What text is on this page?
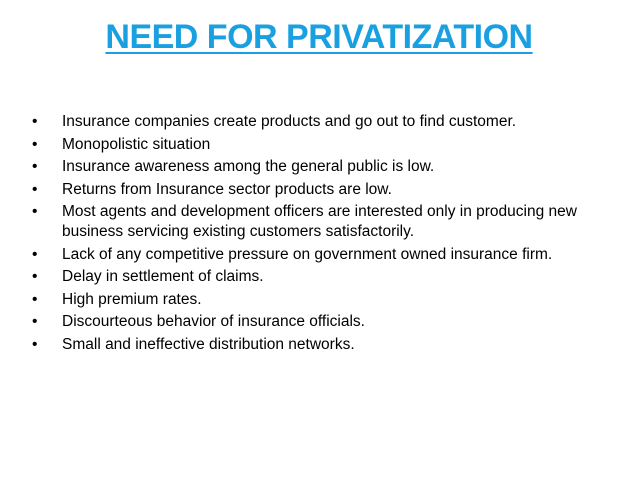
NEED FOR PRIVATIZATION
• Insurance companies create products and go out to find customer.
• Monopolistic situation
• Insurance awareness among the general public is low.
• Returns from Insurance sector products are low.
• Most agents and development officers are interested only in producing new business servicing existing customers satisfactorily.
• Lack of any competitive pressure on government owned insurance firm.
• Delay in settlement of claims.
• High premium rates.
• Discourteous behavior of insurance officials.
• Small and ineffective distribution networks.
